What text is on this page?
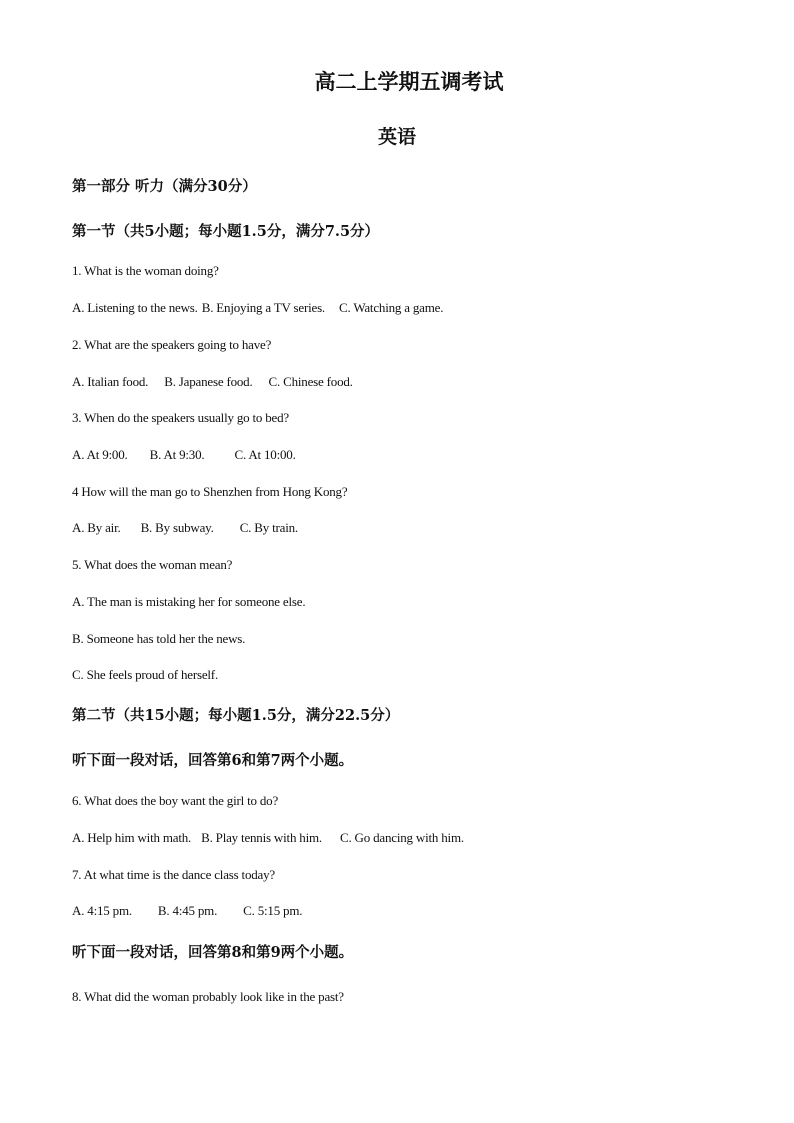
高二上学期五调考试
英语
第一部分 听力（满分30分）
第一节（共5小题；每小题1.5分，满分7.5分）
1. What is the woman doing?
A. Listening to the news. B. Enjoying a TV series. C. Watching a game.
2. What are the speakers going to have?
A. Italian food. B. Japanese food. C. Chinese food.
3. When do the speakers usually go to bed?
A. At 9:00. B. At 9:30. C. At 10:00.
4 How will the man go to Shenzhen from Hong Kong?
A. By air. B. By subway. C. By train.
5. What does the woman mean?
A. The man is mistaking her for someone else.
B. Someone has told her the news.
C. She feels proud of herself.
第二节（共15小题；每小题1.5分，满分22.5分）
听下面一段对话，回答第6和第7两个小题。
6. What does the boy want the girl to do?
A. Help him with math. B. Play tennis with him. C. Go dancing with him.
7. At what time is the dance class today?
A. 4:15 pm. B. 4:45 pm. C. 5:15 pm.
听下面一段对话，回答第8和第9两个小题。
8. What did the woman probably look like in the past?
